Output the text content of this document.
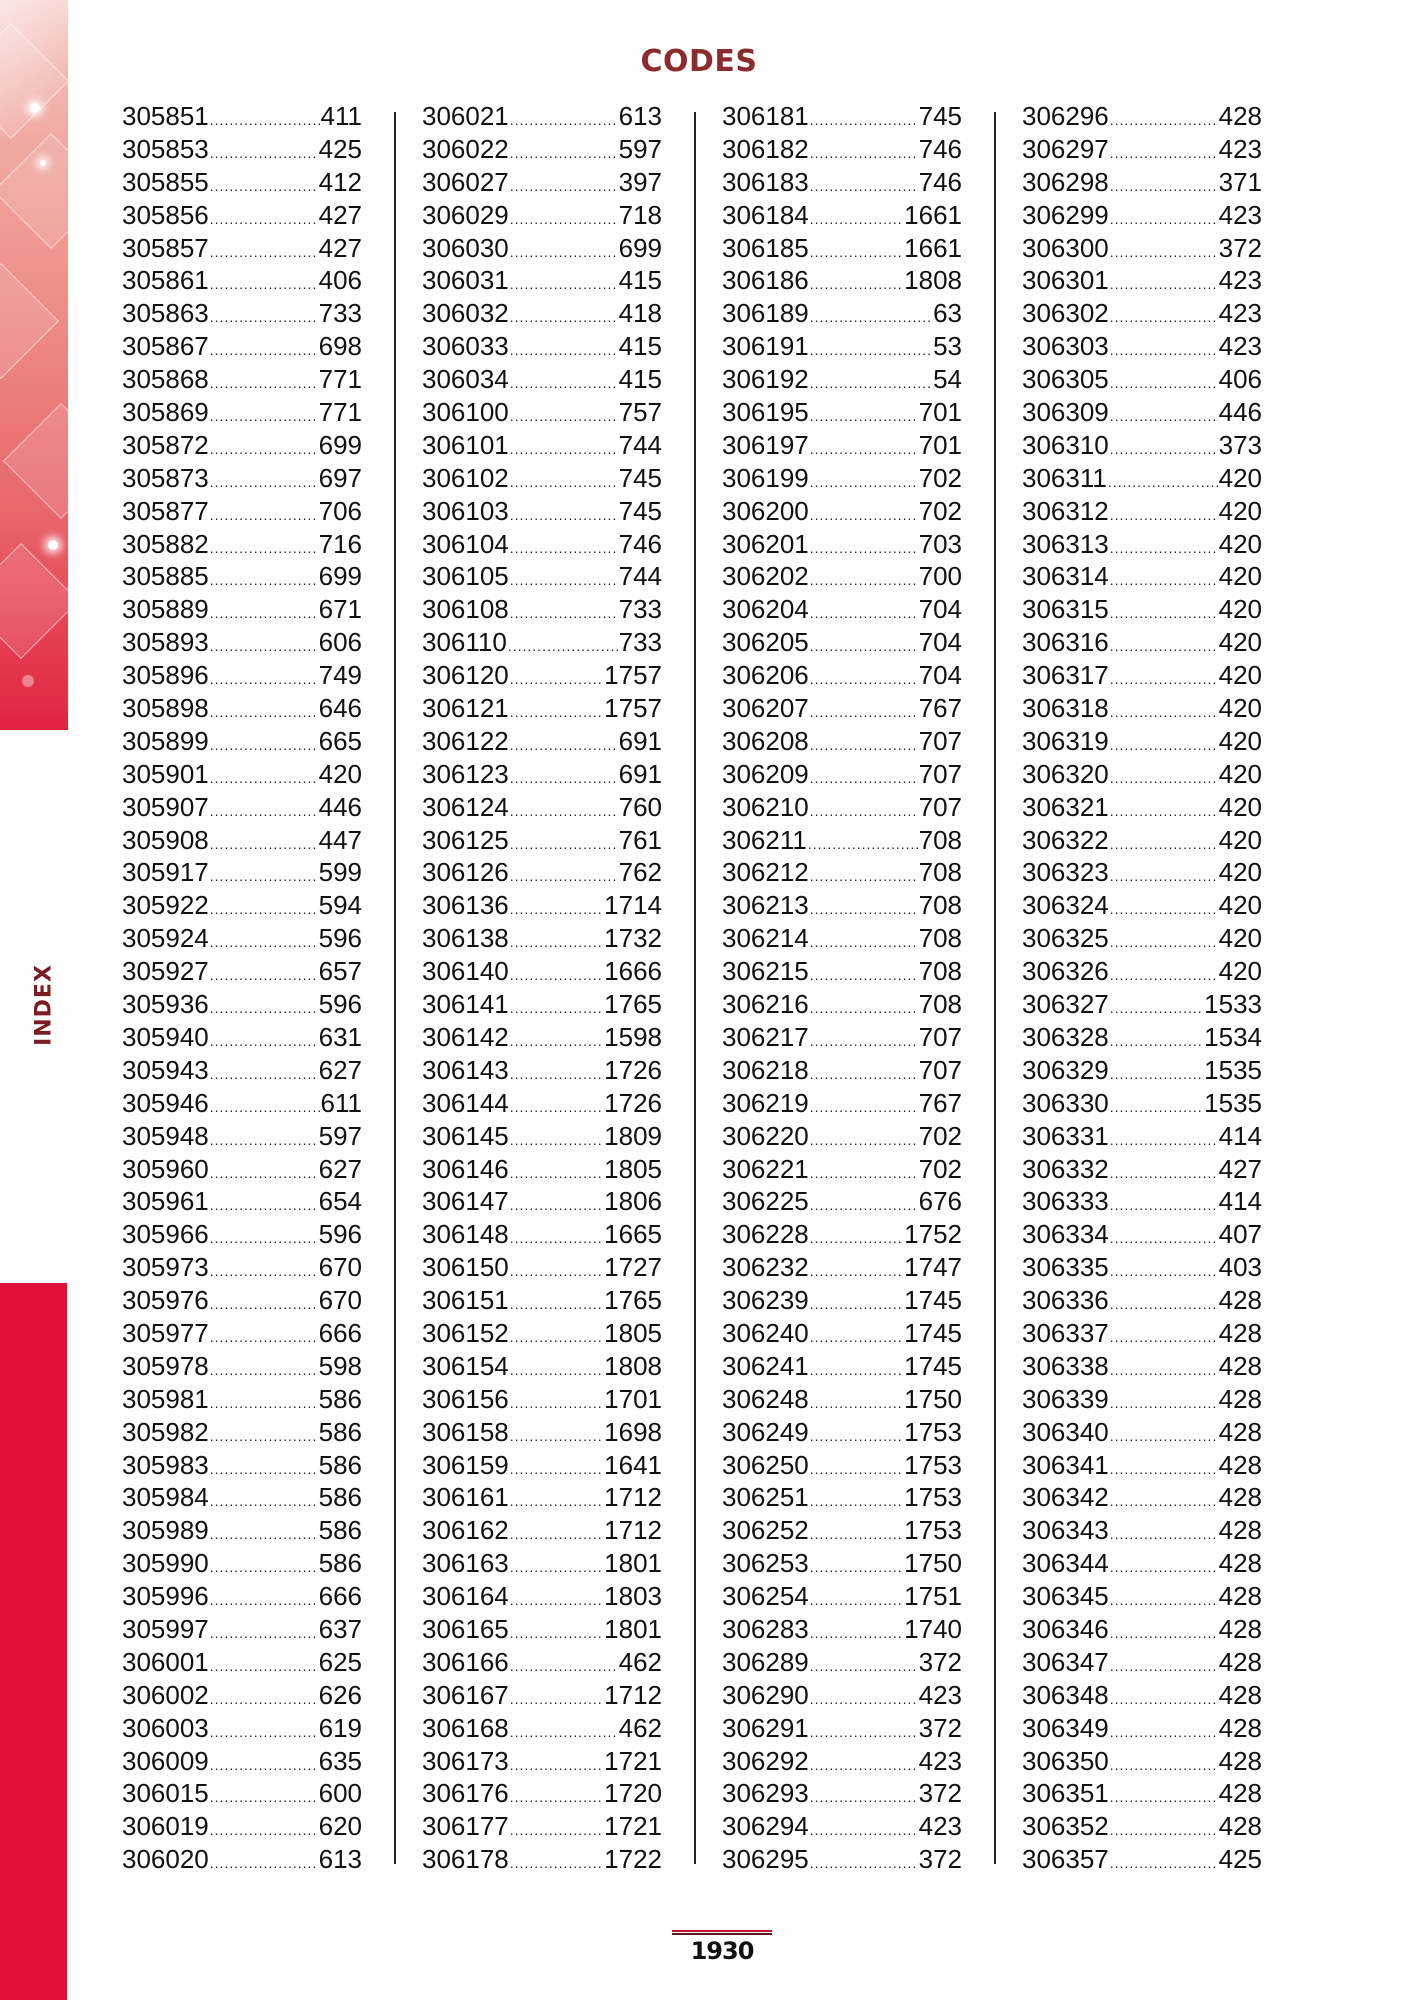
INDEX
CODES
305851 .....	411
305853 .....	425
305855 .....	412
305856 .....	427
305857 .....	427
305861 .....	406
305863 .....	733
305867 .....	698
305868 .....	771
305869 .....	771
305872 .....	699
305873 .....	697
305877 .....	706
305882 .....	716
305885 .....	699
305889 .....	671
305893 .....	606
305896 .....	749
305898 .....	646
305899 .....	665
305901 .....	420
305907 .....	446
305908 .....	447
305917 .....	599
305922 .....	594
305924 .....	596
305927 .....	657
305936 .....	596
305940 .....	631
305943 .....	627
305946 .....	611
305948 .....	597
305960 .....	627
305961 .....	654
305966 .....	596
305973 .....	670
305976 .....	670
305977 .....	666
305978 .....	598
305981 .....	586
305982 .....	586
305983 .....	586
305984 .....	586
305989 .....	586
305990 .....	586
305996 .....	666
305997 .....	637
306001 .....	625
306002 .....	626
306003 .....	619
306009 .....	635
306015 .....	600
306019 .....	620
306020 .....	613
306021 .....	613
306022 .....	597
306027 .....	397
306029 .....	718
306030 .....	699
306031 .....	415
306032 .....	418
306033 .....	415
306034 .....	415
306100 .....	757
306101 .....	744
306102 .....	745
306103 .....	745
306104 .....	746
306105 .....	744
306108 .....	733
306110 .....	733
306120 .....	1757
306121 .....	1757
306122 .....	691
306123 .....	691
306124 .....	760
306125 .....	761
306126 .....	762
306136 .....	1714
306138 .....	1732
306140 .....	1666
306141 .....	1765
306142 .....	1598
306143 .....	1726
306144 .....	1726
306145 .....	1809
306146 .....	1805
306147 .....	1806
306148 .....	1665
306150 .....	1727
306151 .....	1765
306152 .....	1805
306154 .....	1808
306156 .....	1701
306158 .....	1698
306159 .....	1641
306161 .....	1712
306162 .....	1712
306163 .....	1801
306164 .....	1803
306165 .....	1801
306166 .....	462
306167 .....	1712
306168 .....	462
306173 .....	1721
306176 .....	1720
306177 .....	1721
306178 .....	1722
306181 .....	745
306182 .....	746
306183 .....	746
306184 .....	1661
306185 .....	1661
306186 .....	1808
306189 .....	63
306191 .....	53
306192 .....	54
306195 .....	701
306197 .....	701
306199 .....	702
306200 .....	702
306201 .....	703
306202 .....	700
306204 .....	704
306205 .....	704
306206 .....	704
306207 .....	767
306208 .....	707
306209 .....	707
306210 .....	707
306211 .....	708
306212 .....	708
306213 .....	708
306214 .....	708
306215 .....	708
306216 .....	708
306217 .....	707
306218 .....	707
306219 .....	767
306220 .....	702
306221 .....	702
306225 .....	676
306228 .....	1752
306232 .....	1747
306239 .....	1745
306240 .....	1745
306241 .....	1745
306248 .....	1750
306249 .....	1753
306250 .....	1753
306251 .....	1753
306252 .....	1753
306253 .....	1750
306254 .....	1751
306283 .....	1740
306289 .....	372
306290 .....	423
306291 .....	372
306292 .....	423
306293 .....	372
306294 .....	423
306295 .....	372
306296 .....	428
306297 .....	423
306298 .....	371
306299 .....	423
306300 .....	372
306301 .....	423
306302 .....	423
306303 .....	423
306305 .....	406
306309 .....	446
306310 .....	373
306311 .....	420
306312 .....	420
306313 .....	420
306314 .....	420
306315 .....	420
306316 .....	420
306317 .....	420
306318 .....	420
306319 .....	420
306320 .....	420
306321 .....	420
306322 .....	420
306323 .....	420
306324 .....	420
306325 .....	420
306326 .....	420
306327 .....	1533
306328 .....	1534
306329 .....	1535
306330 .....	1535
306331 .....	414
306332 .....	427
306333 .....	414
306334 .....	407
306335 .....	403
306336 .....	428
306337 .....	428
306338 .....	428
306339 .....	428
306340 .....	428
306341 .....	428
306342 .....	428
306343 .....	428
306344 .....	428
306345 .....	428
306346 .....	428
306347 .....	428
306348 .....	428
306349 .....	428
306350 .....	428
306351 .....	428
306352 .....	428
306357 .....	425
1930
